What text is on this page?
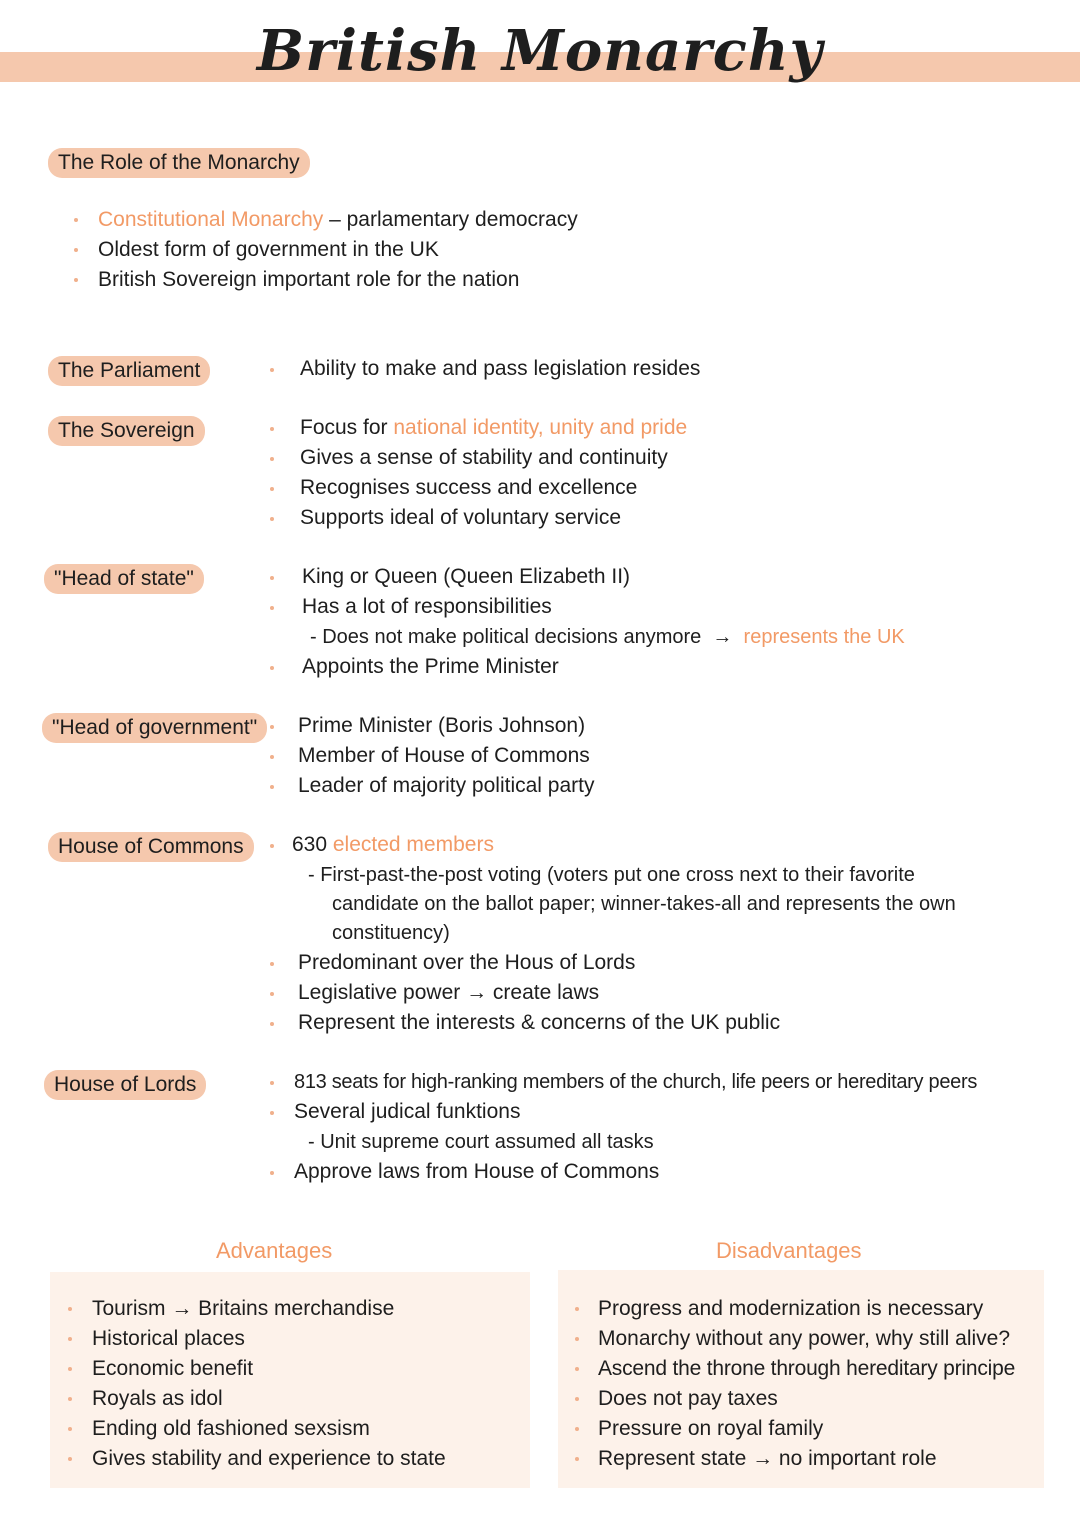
British Monarchy
The Role of the Monarchy
Constitutional Monarchy – parlamentary democracy
Oldest form of government in the UK
British Sovereign important role for the nation
The Parliament	Ability to make and pass legislation resides
The Sovereign	Focus for national identity, unity and pride
Gives a sense of stability and continuity
Recognises success and excellence
Supports ideal of voluntary service
"Head of state"	King or Queen (Queen Elizabeth II)
Has a lot of responsibilities
- Does not make political decisions anymore → represents the UK
Appoints the Prime Minister
"Head of government"	Prime Minister (Boris Johnson)
Member of House of Commons
Leader of majority political party
House of Commons	630 elected members
- First-past-the-post voting (voters put one cross next to their favorite
candidate on the ballot paper; winner-takes-all and represents the own
constituency)
Predominant over the Hous of Lords
Legislative power → create laws
Represent the interests & concerns of the UK public
House of Lords	813 seats for high-ranking members of the church, life peers or hereditary peers
Several judical funktions
- Unit supreme court assumed all tasks
Approve laws from House of Commons
Advantages
Tourism → Britains merchandise
Historical places
Economic benefit
Royals as idol
Ending old fashioned sexsism
Gives stability and experience to state
Disadvantages
Progress and modernization is necessary
Monarchy without any power, why still alive?
Ascend the throne through hereditary principe
Does not pay taxes
Pressure on royal family
Represent state → no important role
